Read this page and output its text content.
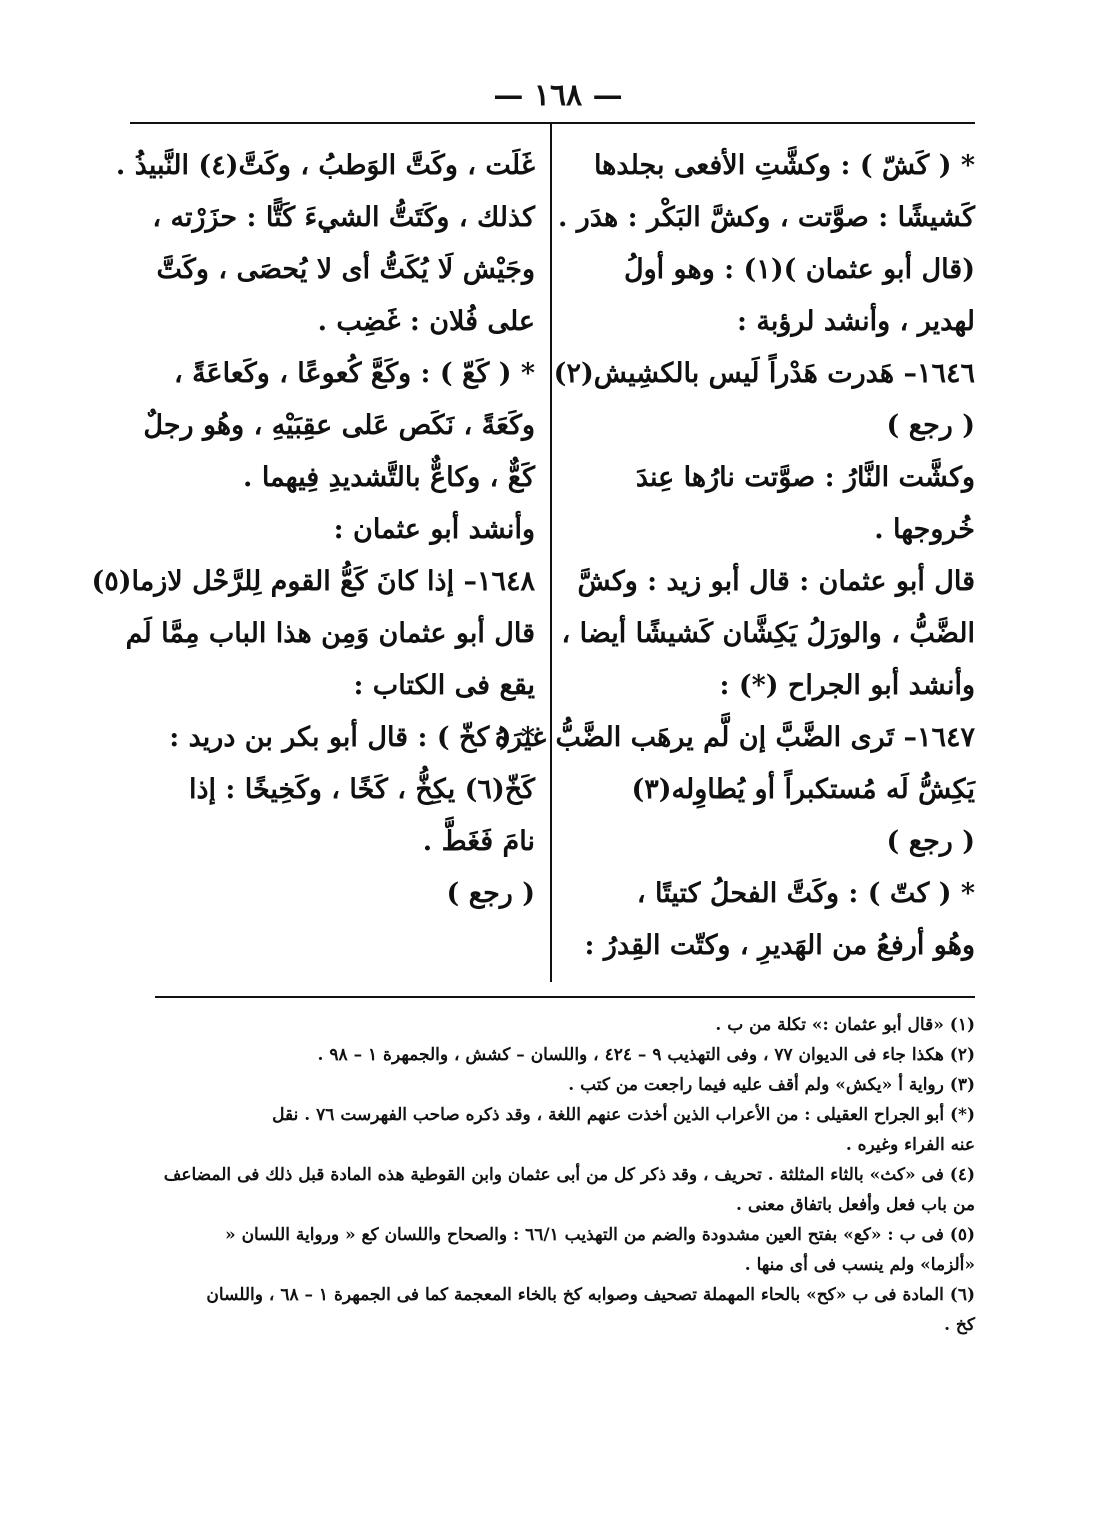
— ١٦٨ —
* ( كَشّ ) : وكشَّتِ الأفعى بجلدها
كَشيشًا : صوَّتت ، وكشَّ البَكْر : هدَر .
(قال أبو عثمان )(١) : وهو أولُ
لهدير ، وأنشد لرؤبة :
١٦٤٦– هَدرت هَدْراً لَيس بالكشِيش(٢)
( رجع )
وكشَّت النَّارُ : صوَّتت نارُها عِندَ
خُروجها .
قال أبو عثمان : قال أبو زيد : وكشَّ
الضَّبُّ ، والورَلُ يَكِشَّان كَشيشًا أيضا ،
وأنشد أبو الجراح (*) :
١٦٤٧– تَرى الضَّبَّ إن لَّم يرهَب الضَّبُّ غيرَهُ
يَكِشُّ لَه مُستكبراً أو يُطاوِله(٣)
( رجع )
* ( كتّ ) : وكَتَّ الفحلُ كتيتًا ،
وهُو أرفعُ من الهَديرِ ، وكتّت القِدرُ :
غَلَت ، وكَتَّ الوَطبُ ، وكَتَّ(٤) النَّبيذُ .
كذلك ، وكَتَتُّ الشيءَ كَتًّا : حزَرْته ،
وجَيْش لَا يُكَتُّ أى لا يُحصَى ، وكَتَّ
على فُلان : غَضِب .
* ( كَعّ ) : وكَعَّ كُعوعًا ، وكَعاعَةً ،
وكَعَةً ، نَكَص عَلى عقِبَيْهِ ، وهُو رجلٌ
كَعٌّ ، وكاعٌّ بالتَّشديدِ فِيهما .
وأنشد أبو عثمان :
١٦٤٨– إذا كانَ كَعُّ القوم لِلرَّحْل لازما(٥)
قال أبو عثمان وَمِن هذا الباب مِمَّا لَم
يقع فى الكتاب :
* ( كخّ ) : قال أبو بكر بن دريد :
كَخّ(٦) يكِخُّ ، كَخًا ، وكَخِيخًا : إذا
نامَ فَغَطَّ .
( رجع )
(١) «قال أبو عثمان :» تكلة من ب .
(٢) هكذا جاء فى الديوان ٧٧ ، وفى التهذيب ٩ – ٤٢٤ ، واللسان – كشش ، والجمهرة ١ – ٩٨ .
(٣) رواية أ «يكش» ولم أقف عليه فيما راجعت من كتب .
(*) أبو الجراح العقيلى : من الأعراب الذين أخذت عنهم اللغة ، وقد ذكره صاحب الفهرست ٧٦ . نقل
عنه الفراء وغيره .
(٤) فى «كث» بالثاء المثلثة . تحريف ، وقد ذكر كل من أبى عثمان وابن القوطية هذه المادة قبل ذلك فى المضاعف
من باب فعل وأفعل باتفاق معنى .
(٥) فى ب : «كع» بفتح العين مشدودة والضم من التهذيب ٦٦/١ : والصحاح واللسان كع « ورواية اللسان «
«ألزما» ولم ينسب فى أى منها .
(٦) المادة فى ب «كح» بالحاء المهملة تصحيف وصوابه كخ بالخاء المعجمة كما فى الجمهرة ١ – ٦٨ ، واللسان
كخ .
